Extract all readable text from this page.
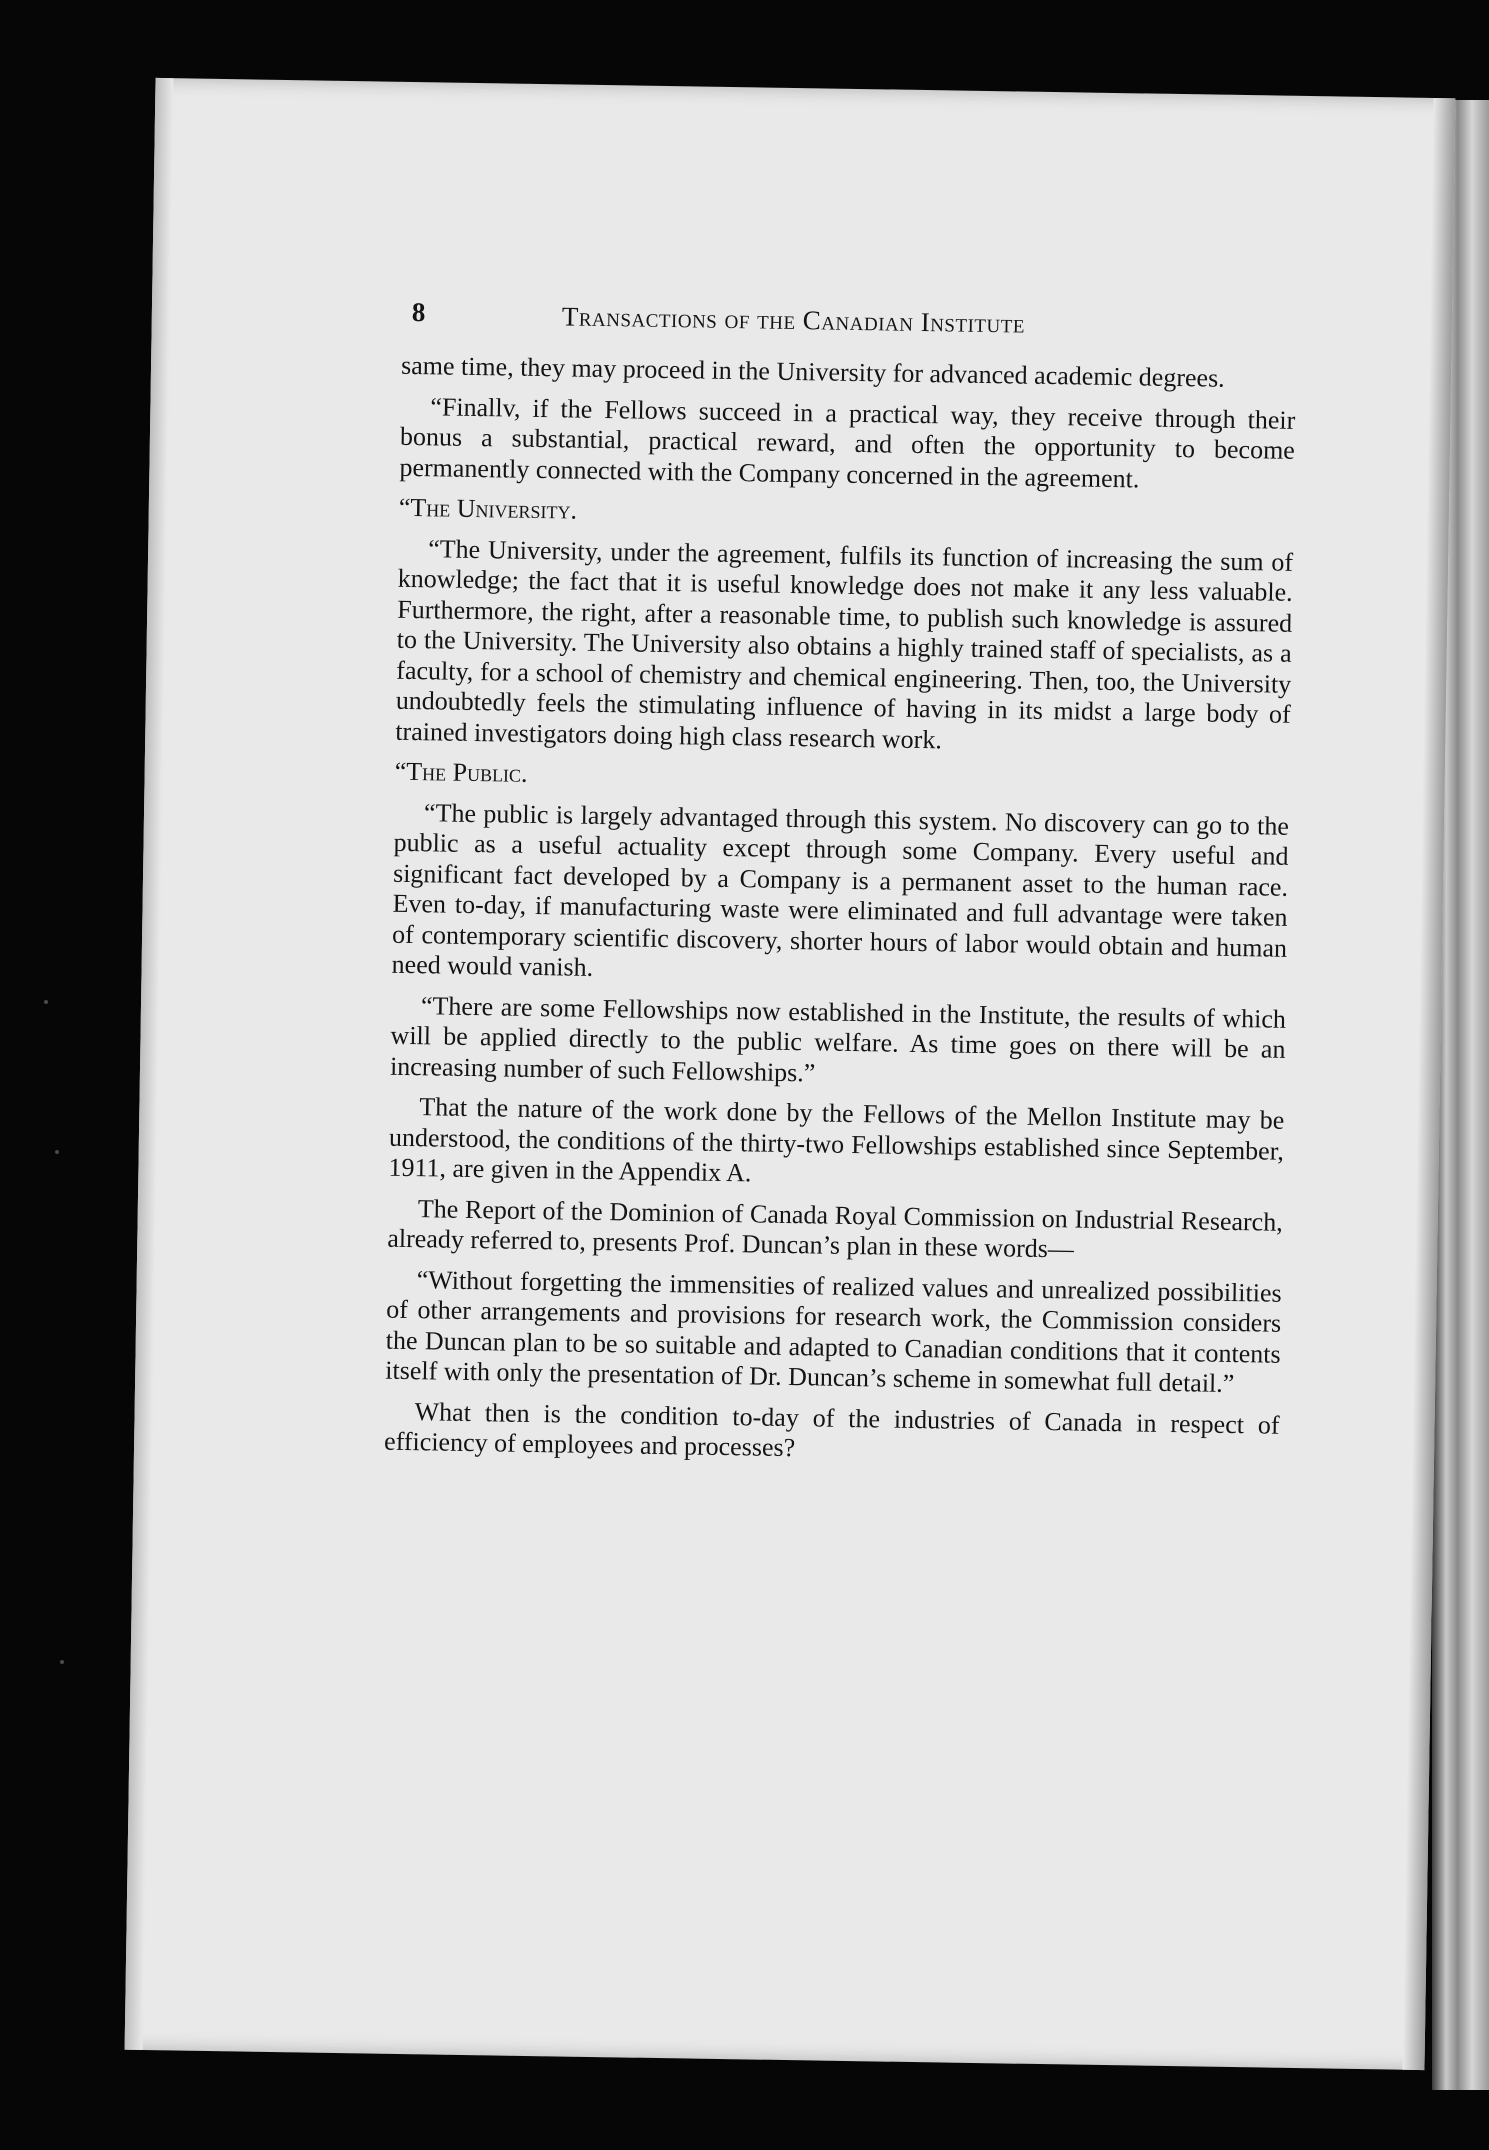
8	Transactions of the Canadian Institute

same time, they may proceed in the University for advanced academic degrees.

“Finallv, if the Fellows succeed in a practical way, they receive through their bonus a substantial, practical reward, and often the opportunity to become permanently connected with the Company concerned in the agreement.

“The University.

“The University, under the agreement, fulfils its function of increasing the sum of knowledge; the fact that it is useful knowledge does not make it any less valuable. Furthermore, the right, after a reasonable time, to publish such knowledge is assured to the University. The University also obtains a highly trained staff of specialists, as a faculty, for a school of chemistry and chemical engineering. Then, too, the University undoubtedly feels the stimulating influence of having in its midst a large body of trained investigators doing high class research work.

“The Public.

“The public is largely advantaged through this system. No discovery can go to the public as a useful actuality except through some Company. Every useful and significant fact developed by a Company is a permanent asset to the human race. Even to-day, if manufacturing waste were eliminated and full advantage were taken of contemporary scientific discovery, shorter hours of labor would obtain and human need would vanish.

“There are some Fellowships now established in the Institute, the results of which will be applied directly to the public welfare. As time goes on there will be an increasing number of such Fellowships.”

That the nature of the work done by the Fellows of the Mellon Institute may be understood, the conditions of the thirty-two Fellowships established since September, 1911, are given in the Appendix A.

The Report of the Dominion of Canada Royal Commission on Industrial Research, already referred to, presents Prof. Duncan’s plan in these words—

“Without forgetting the immensities of realized values and unrealized possibilities of other arrangements and provisions for research work, the Commission considers the Duncan plan to be so suitable and adapted to Canadian conditions that it contents itself with only the presentation of Dr. Duncan’s scheme in somewhat full detail.”

What then is the condition to-day of the industries of Canada in respect of efficiency of employees and processes?
